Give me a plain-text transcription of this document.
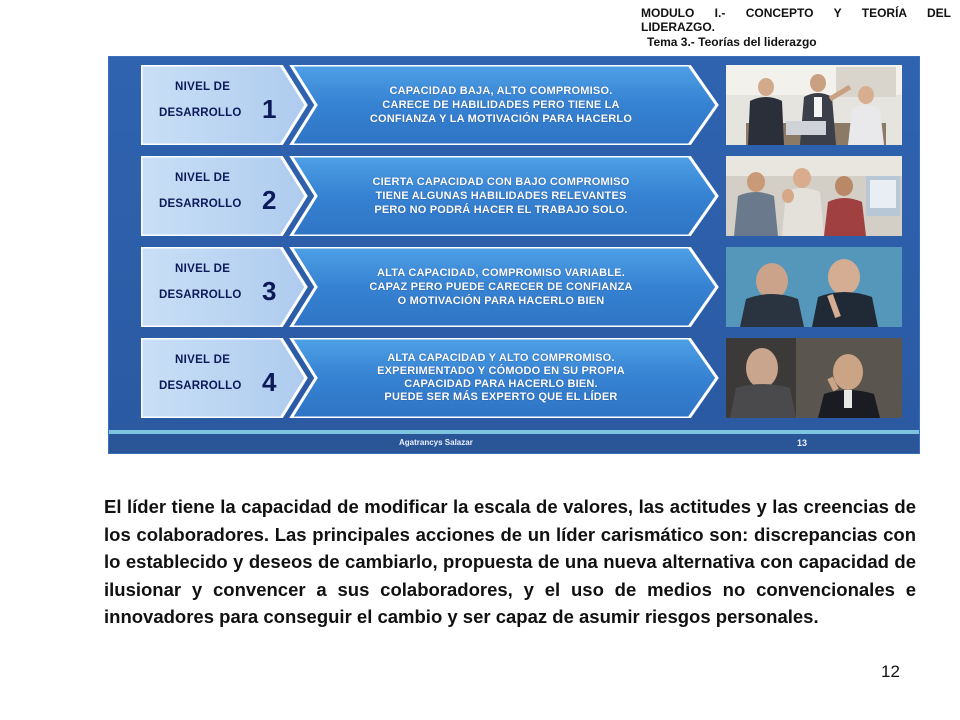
MODULO I.- CONCEPTO Y TEORÍA DEL
LIDERAZGO.
Tema 3.- Teorías del liderazgo
NIVEL DE
DESARROLLO 1
CAPACIDAD BAJA, ALTO COMPROMISO.
CARECE DE HABILIDADES PERO TIENE LA
CONFIANZA Y LA MOTIVACIÓN PARA HACERLO
NIVEL DE
DESARROLLO 2
CIERTA CAPACIDAD CON BAJO COMPROMISO
TIENE ALGUNAS HABILIDADES RELEVANTES
PERO NO PODRÁ HACER EL TRABAJO SOLO.
NIVEL DE
DESARROLLO 3
ALTA CAPACIDAD, COMPROMISO VARIABLE.
CAPAZ PERO PUEDE CARECER DE CONFIANZA
O MOTIVACIÓN PARA HACERLO BIEN
NIVEL DE
DESARROLLO 4
ALTA CAPACIDAD Y ALTO COMPROMISO.
EXPERIMENTADO Y CÓMODO EN SU PROPIA
CAPACIDAD PARA HACERLO BIEN.
PUEDE SER MÁS EXPERTO QUE EL LÍDER
Agatrancys Salazar	13
El líder tiene la capacidad de modificar la escala de valores, las actitudes y las creencias de los colaboradores. Las principales acciones de un líder carismático son: discrepancias con lo establecido y deseos de cambiarlo, propuesta de una nueva alternativa con capacidad de ilusionar y convencer a sus colaboradores, y el uso de medios no convencionales e innovadores para conseguir el cambio y ser capaz de asumir riesgos personales.
12
